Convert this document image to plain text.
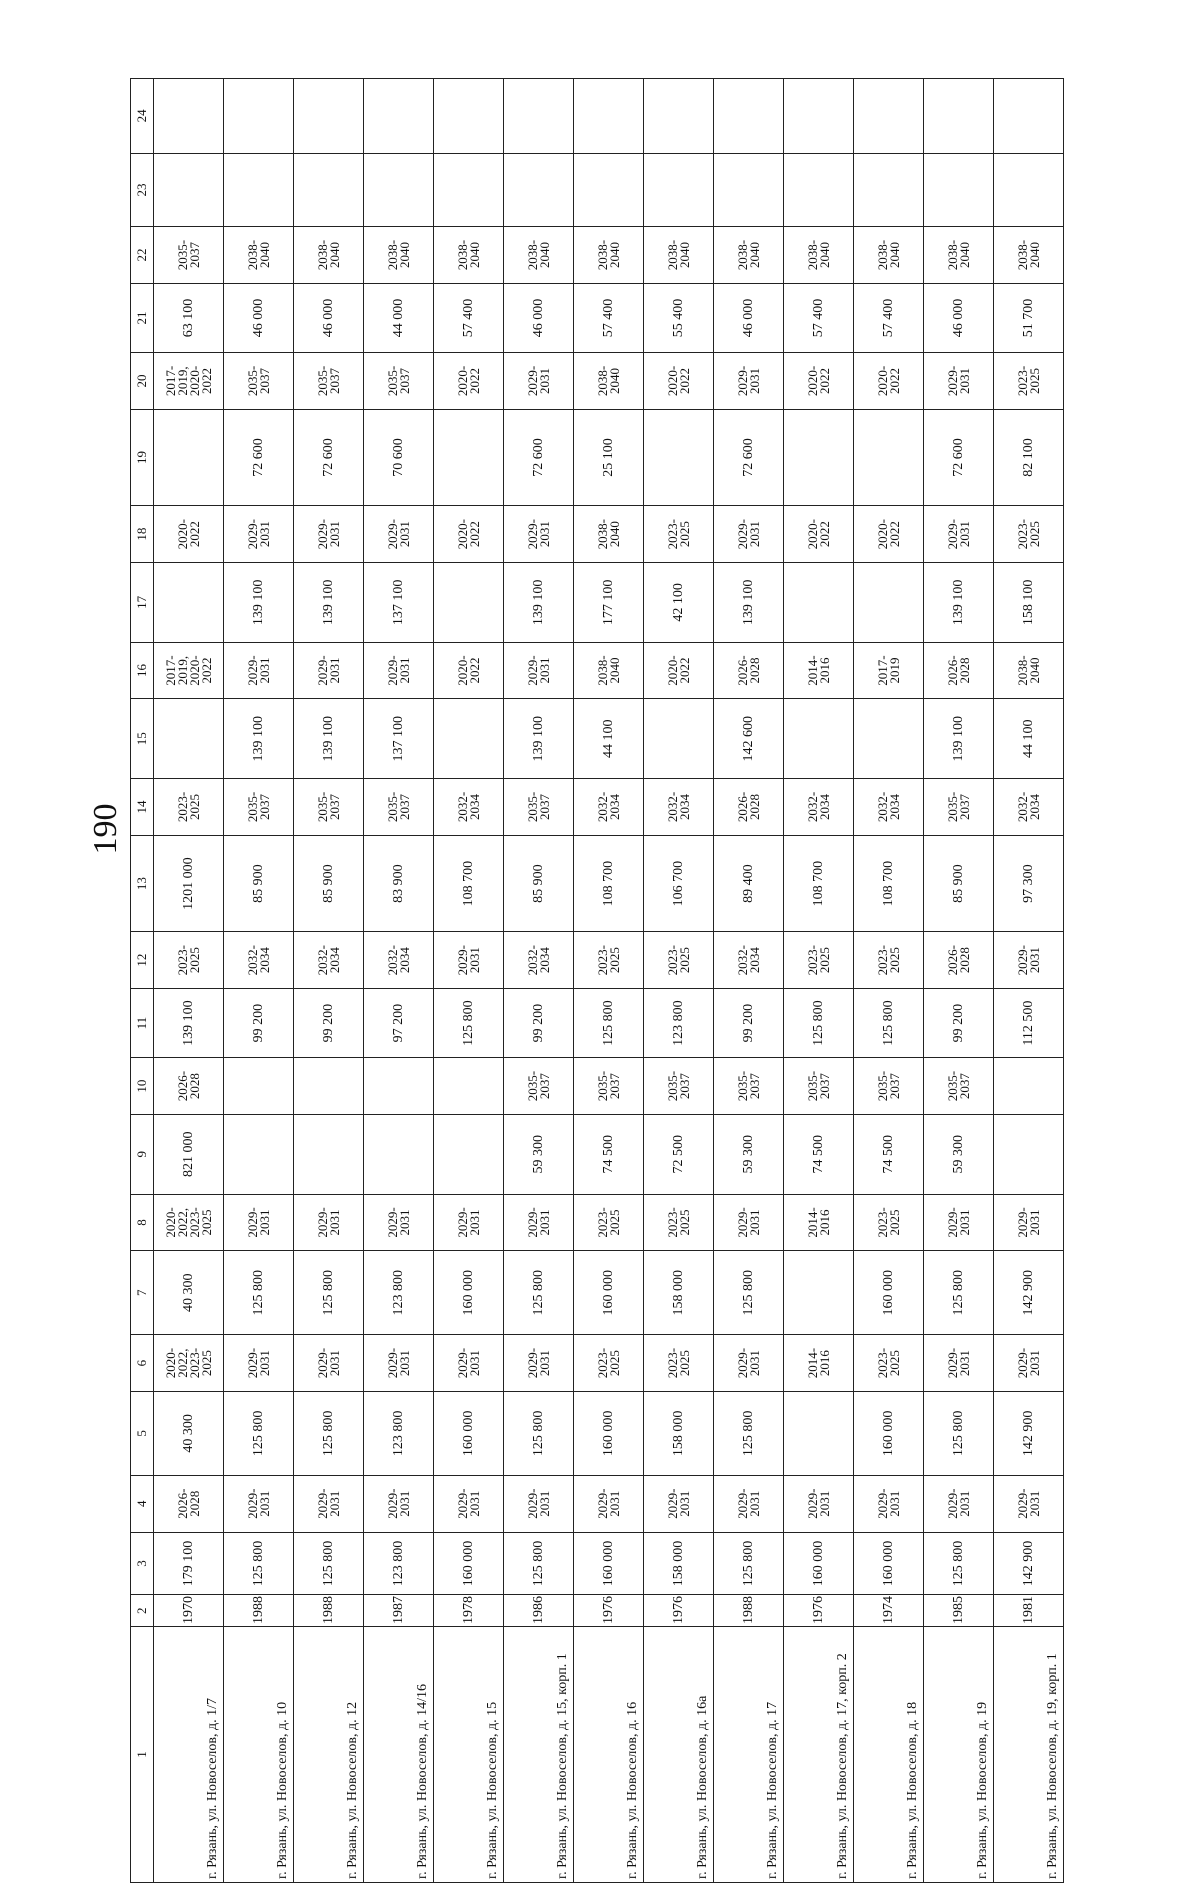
190
1	2	3	4	5	6	7	8	9	10	11	12	13	14	15	16	17	18	19	20	21	22	23	24
г. Рязань, ул. Новоселов, д. 1/7	1970	179 100	2026-2028	40 300	2020-2022, 2023-2025	40 300	2020-2022, 2023-2025	821 000	2026-2028	139 100	2023-2025	1201 000	2023-2025		2017-2019, 2020-2022		2020-2022		2017-2019, 2020-2022	63 100	2035-2037		
г. Рязань, ул. Новоселов, д. 10	1988	125 800	2029-2031	125 800	2029-2031	125 800	2029-2031			99 200	2032-2034	85 900	2035-2037	139 100	2029-2031	139 100	2029-2031	72 600	2035-2037	46 000	2038-2040		
г. Рязань, ул. Новоселов, д. 12	1988	125 800	2029-2031	125 800	2029-2031	125 800	2029-2031			99 200	2032-2034	85 900	2035-2037	139 100	2029-2031	139 100	2029-2031	72 600	2035-2037	46 000	2038-2040		
г. Рязань, ул. Новоселов, д. 14/16	1987	123 800	2029-2031	123 800	2029-2031	123 800	2029-2031			97 200	2032-2034	83 900	2035-2037	137 100	2029-2031	137 100	2029-2031	70 600	2035-2037	44 000	2038-2040		
г. Рязань, ул. Новоселов, д. 15	1978	160 000	2029-2031	160 000	2029-2031	160 000	2029-2031			125 800	2029-2031	108 700	2032-2034		2020-2022		2020-2022		2020-2022	57 400	2038-2040		
г. Рязань, ул. Новоселов, д. 15, корп. 1	1986	125 800	2029-2031	125 800	2029-2031	125 800	2029-2031	59 300	2035-2037	99 200	2032-2034	85 900	2035-2037	139 100	2029-2031	139 100	2029-2031	72 600	2029-2031	46 000	2038-2040		
г. Рязань, ул. Новоселов, д. 16	1976	160 000	2029-2031	160 000	2023-2025	160 000	2023-2025	74 500	2035-2037	125 800	2023-2025	108 700	2032-2034	44 100	2038-2040	177 100	2038-2040	25 100	2038-2040	57 400	2038-2040		
г. Рязань, ул. Новоселов, д. 16а	1976	158 000	2029-2031	158 000	2023-2025	158 000	2023-2025	72 500	2035-2037	123 800	2023-2025	106 700	2032-2034		2020-2022	42 100	2023-2025		2020-2022	55 400	2038-2040		
г. Рязань, ул. Новоселов, д. 17	1988	125 800	2029-2031	125 800	2029-2031	125 800	2029-2031	59 300	2035-2037	99 200	2032-2034	89 400	2026-2028	142 600	2026-2028	139 100	2029-2031	72 600	2029-2031	46 000	2038-2040		
г. Рязань, ул. Новоселов, д. 17, корп. 2	1976	160 000	2029-2031		2014-2016		2014-2016	74 500	2035-2037	125 800	2023-2025	108 700	2032-2034		2014-2016		2020-2022		2020-2022	57 400	2038-2040		
г. Рязань, ул. Новоселов, д. 18	1974	160 000	2029-2031	160 000	2023-2025	160 000	2023-2025	74 500	2035-2037	125 800	2023-2025	108 700	2032-2034		2017-2019		2020-2022		2020-2022	57 400	2038-2040		
г. Рязань, ул. Новоселов, д. 19	1985	125 800	2029-2031	125 800	2029-2031	125 800	2029-2031	59 300	2035-2037	99 200	2026-2028	85 900	2035-2037	139 100	2026-2028	139 100	2029-2031	72 600	2029-2031	46 000	2038-2040		
г. Рязань, ул. Новоселов, д. 19, корп. 1	1981	142 900	2029-2031	142 900	2029-2031	142 900	2029-2031			112 500	2029-2031	97 300	2032-2034	44 100	2038-2040	158 100	2023-2025	82 100	2023-2025	51 700	2038-2040		
